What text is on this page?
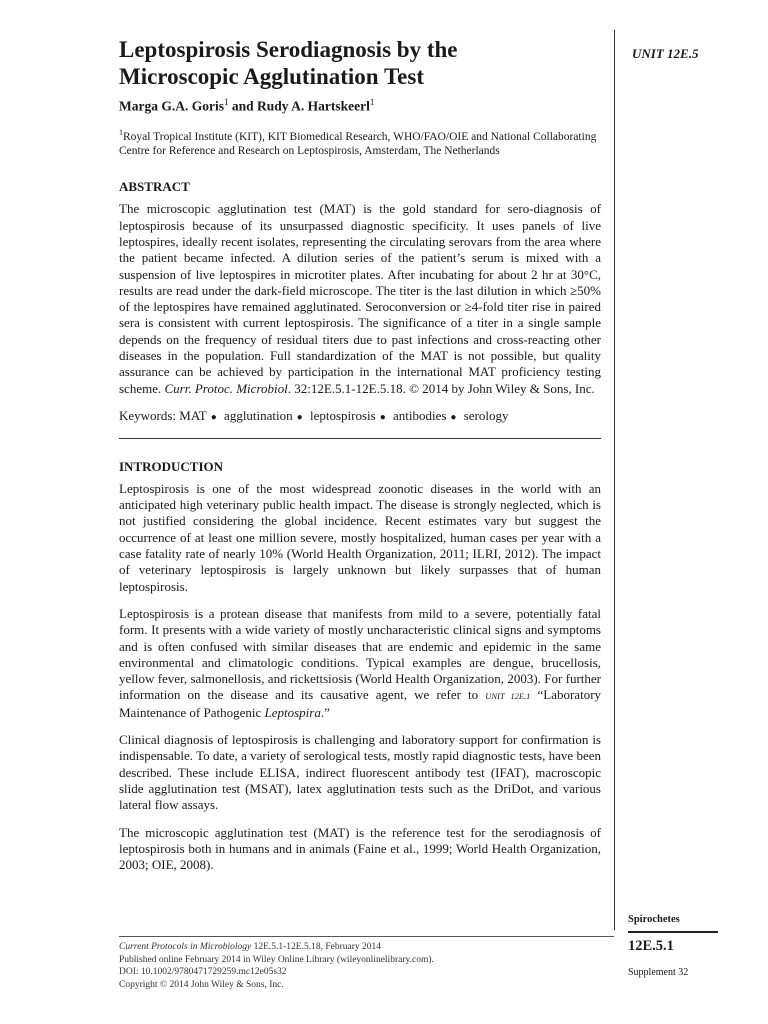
UNIT 12E.5
Leptospirosis Serodiagnosis by the
Microscopic Agglutination Test
Marga G.A. Goris$^1$ and Rudy A. Hartskeerl$^1$
$^1$Royal Tropical Institute (KIT), KIT Biomedical Research, WHO/FAO/OIE and National Collaborating Centre for Reference and Research on Leptospirosis, Amsterdam, The Netherlands
ABSTRACT

The microscopic agglutination test (MAT) is the gold standard for sero-diagnosis of leptospirosis because of its unsurpassed diagnostic specificity. It uses panels of live leptospires, ideally recent isolates, representing the circulating serovars from the area where the patient became infected. A dilution series of the patient’s serum is mixed with a suspension of live leptospires in microtiter plates. After incubating for about 2 hr at 30°C, results are read under the dark-field microscope. The titer is the last dilution in which ≥50% of the leptospires have remained agglutinated. Seroconversion or ≥4-fold titer rise in paired sera is consistent with current leptospirosis. The significance of a titer in a single sample depends on the frequency of residual titers due to past infections and cross-reacting other diseases in the population. Full standardization of the MAT is not possible, but quality assurance can be achieved by participation in the international MAT proficiency testing scheme. Curr. Protoc. Microbiol. 32:12E.5.1-12E.5.18. © 2014 by John Wiley & Sons, Inc.

Keywords: MAT ● agglutination ● leptospirosis ● antibodies ● serology
INTRODUCTION

Leptospirosis is one of the most widespread zoonotic diseases in the world with an anticipated high veterinary public health impact. The disease is strongly neglected, which is not justified considering the global incidence. Recent estimates vary but suggest the occurrence of at least one million severe, mostly hospitalized, human cases per year with a case fatality rate of nearly 10% (World Health Organization, 2011; ILRI, 2012). The impact of veterinary leptospirosis is largely unknown but likely surpasses that of human leptospirosis.

Leptospirosis is a protean disease that manifests from mild to a severe, potentially fatal form. It presents with a wide variety of mostly uncharacteristic clinical signs and symptoms and is often confused with similar diseases that are endemic and epidemic in the same environmental and climatologic conditions. Typical examples are dengue, brucellosis, yellow fever, salmonellosis, and rickettsiosis (World Health Organization, 2003). For further information on the disease and its causative agent, we refer to UNIT 12E.1 “Laboratory Maintenance of Pathogenic Leptospira.”

Clinical diagnosis of leptospirosis is challenging and laboratory support for confirmation is indispensable. To date, a variety of serological tests, mostly rapid diagnostic tests, have been described. These include ELISA, indirect fluorescent antibody test (IFAT), macroscopic slide agglutination test (MSAT), latex agglutination tests such as the DriDot, and various lateral flow assays.

The microscopic agglutination test (MAT) is the reference test for the serodiagnosis of leptospirosis both in humans and in animals (Faine et al., 1999; World Health Organization, 2003; OIE, 2008).

Spirochetes
12E.5.1
Supplement 32
Current Protocols in Microbiology 12E.5.1-12E.5.18, February 2014
Published online February 2014 in Wiley Online Library (wileyonlinelibrary.com).
DOI: 10.1002/9780471729259.mc12e05s32
Copyright © 2014 John Wiley & Sons, Inc.
